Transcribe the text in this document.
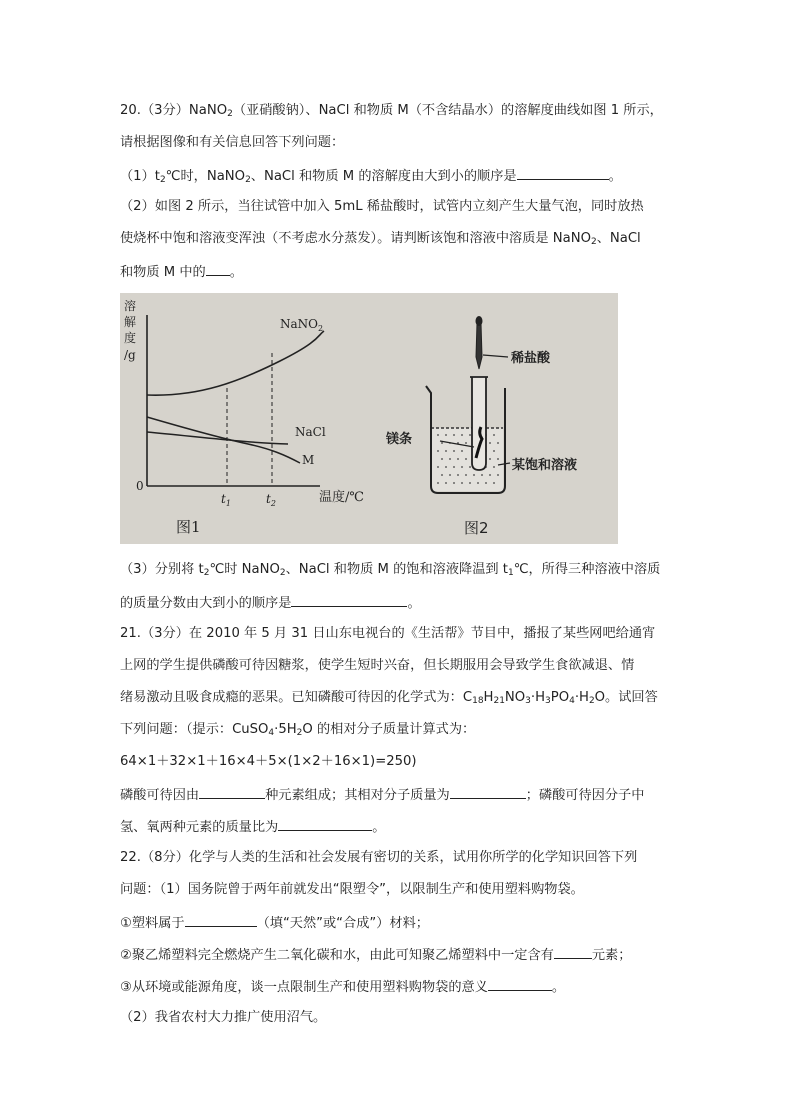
20.（3分）NaNO$_2$（亚硝酸钠）、NaCl 和物质 M（不含结晶水）的溶解度曲线如图 1 所示，
请根据图像和有关信息回答下列问题：
$(1)t_2℃$时，NaNO$_2$、NaCl 和物质 M 的溶解度由大到小的顺序是	。
（2）如图 2 所示，当往试管中加入 5mL 稀盐酸时，试管内立刻产生大量气泡，同时放热
使烧杯中饱和溶液变浑浊（不考虑水分蒸发）。请判断该饱和溶液中溶质是 NaNO$_2$、NaCl
和物质 M 中的 。
溶
解
度
/g
0
$t_1$	$t_2$	温度/℃
NaNO$_2$
NaCl
M
图1
稀盐酸
镁条
某饱和溶液
图2
（3）分别将 $t_2℃$时 NaNO$_2$、NaCl 和物质 M 的饱和溶液降温到 $t_1℃$，所得三种溶液中溶质
的质量分数由大到小的顺序是	。
21.（3分）在 2010 年 5 月 31 日山东电视台的《生活帮》节目中，播报了某些网吧给通宵
上网的学生提供磷酸可待因糖浆，使学生短时兴奋，但长期服用会导致学生食欲减退、情
绪易激动且吸食成瘾的恶果。已知磷酸可待因的化学式为：$C_{18}H_{21}NO_3\cdot H_3PO_4\cdot H_2O$。试回答
下列问题：（提示：$CuSO_4\cdot 5H_2O$ 的相对分子质量计算式为：
64×1＋32×1＋16×4＋5×(1×2＋16×1)=250)
磷酸可待因由	种元素组成；其相对分子质量为	；磷酸可待因分子中
氢、氧两种元素的质量比为	。
22.（8分）化学与人类的生活和社会发展有密切的关系，试用你所学的化学知识回答下列
问题：（1）国务院曾于两年前就发出“限塑令”，以限制生产和使用塑料购物袋。
①塑料属于	（填“天然”或“合成”）材料；
②聚乙烯塑料完全燃烧产生二氧化碳和水，由此可知聚乙烯塑料中一定含有	元素；
③从环境或能源角度，谈一点限制生产和使用塑料购物袋的意义	。
（2）我省农村大力推广使用沼气。
